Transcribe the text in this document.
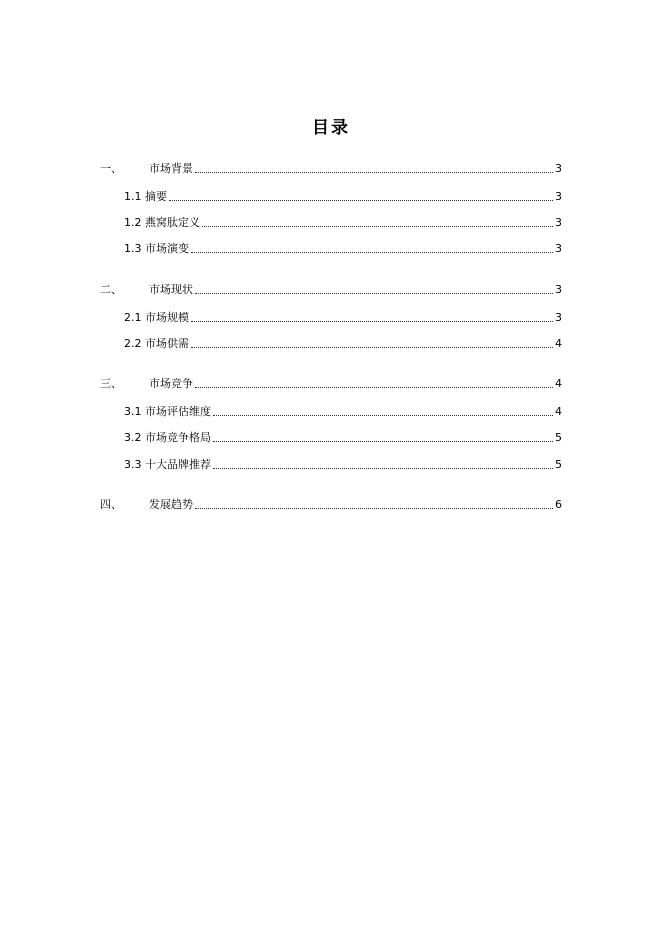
目录
一、	市场背景	3
1.1 摘要	3
1.2 燕窝肽定义	3
1.3 市场演变	3
二、	市场现状	3
2.1 市场规模	3
2.2 市场供需	4
三、	市场竞争	4
3.1 市场评估维度	4
3.2 市场竞争格局	5
3.3 十大品牌推荐	5
四、	发展趋势	6
